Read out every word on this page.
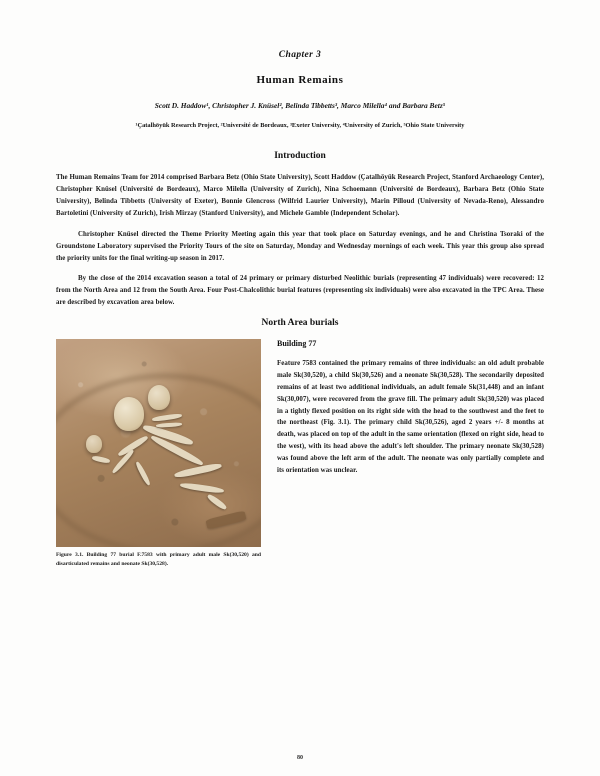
Chapter 3
Human Remains
Scott D. Haddow¹, Christopher J. Knüsel², Belinda Tibbetts³, Marco Milella⁴ and Barbara Betz⁵
¹Çatalhöyük Research Project, ²Université de Bordeaux, ³Exeter University, ⁴University of Zurich, ⁵Ohio State University
Introduction

The Human Remains Team for 2014 comprised Barbara Betz (Ohio State University), Scott Haddow (Çatalhöyük Research Project, Stanford Archaeology Center), Christopher Knüsel (Université de Bordeaux), Marco Milella (University of Zurich), Nina Schoemann (Université de Bordeaux), Barbara Betz (Ohio State University), Belinda Tibbetts (University of Exeter), Bonnie Glencross (Wilfrid Laurier University), Marin Pilloud (University of Nevada-Reno), Alessandro Bartoletini (University of Zurich), Irish Mirzay (Stanford University), and Michele Gamble (Independent Scholar).

Christopher Knüsel directed the Theme Priority Meeting again this year that took place on Saturday evenings, and he and Christina Tsoraki of the Groundstone Laboratory supervised the Priority Tours of the site on Saturday, Monday and Wednesday mornings of each week. This year this group also spread the priority units for the final writing-up season in 2017.

By the close of the 2014 excavation season a total of 24 primary or primary disturbed Neolithic burials (representing 47 individuals) were recovered: 12 from the North Area and 12 from the South Area. Four Post-Chalcolithic burial features (representing six individuals) were also excavated in the TPC Area. These are described by excavation area below.

North Area burials
Figure 3.1. Building 77 burial F.7583 with primary adult male Sk(30,520) and disarticulated remains and neonate Sk(30,528).
Building 77

Feature 7583 contained the primary remains of three individuals: an old adult probable male Sk(30,520), a child Sk(30,526) and a neonate Sk(30,528). The secondarily deposited remains of at least two additional individuals, an adult female Sk(31,448) and an infant Sk(30,007), were recovered from the grave fill. The primary adult Sk(30,520) was placed in a tightly flexed position on its right side with the head to the southwest and the feet to the northeast (Fig. 3.1). The primary child Sk(30,526), aged 2 years +/- 8 months at death, was placed on top of the adult in the same orientation (flexed on right side, head to the west), with its head above the adult's left shoulder. The primary neonate Sk(30,528) was found above the left arm of the adult. The neonate was only partially complete and its orientation was unclear.

80
